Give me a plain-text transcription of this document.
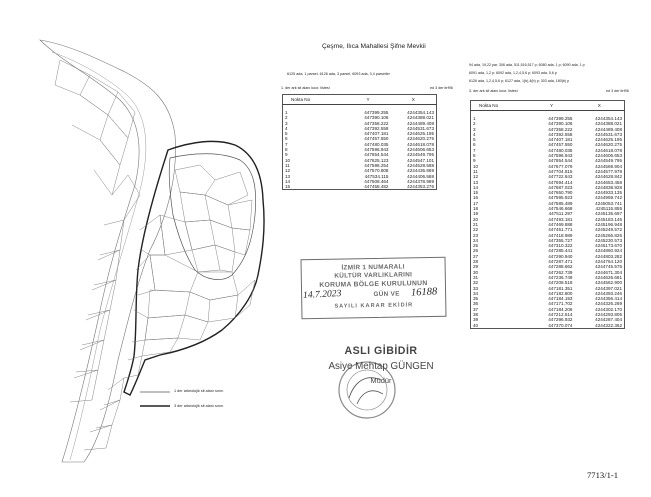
Çeşme, Ilıca Mahallesi Şifne Mevkii
6125 ada, 1 parsel, 6126 ada, 3 parsel, 6093 ada, 3,4 parseller
1. der ark sit alanı koor. listesi	ed 3 der itrf96
94 ada, 19,22 par, 306 ada, 511,516,517 p; 6080 ada, 1 p; 6090 ada, 1 p
6091 ada, 1,2 p; 6092 ada, 1,2,4,5,6 p; 6093 ada, 5,6 p
6126 ada, 1,2,4,5,6 p; 6127 ada, 1(b),4(b) p; 303 ada, 180(b) p
3. der ark sit alanı koor. listesi	ed 3 der itrf96
Nokta No	Y	X
1	447399.255	4244354.143
2	447390.106	4244388.021
3	447358.222	4244489.408
4	447392.558	4244531.673
5	447407.181	4244625.195
6	447457.550	4244620.275
7	447480.035	4244618.078
8	447596.943	4244606.653
9	447654.544	4244549.795
10	447625.123	4244547.101
11	447598.254	4244528.588
12	447570.808	4244435.869
13	447534.115	4244406.588
14	447508.464	4244378.989
15	447458.482	4244353.276
Nokta No	Y	X
1	447399.255	4244354.143
2	447390.106	4244388.021
3	447358.222	4244489.408
4	447392.558	4244531.673
5	447407.181	4244625.195
6	447457.550	4244620.275
7	447480.035	4244618.078
8	447596.943	4244606.653
9	447654.544	4244549.795
10	447677.079	4244569.904
11	447704.815	4244577.978
12	447722.843	4244628.842
13	447694.414	4244653.458
14	447687.023	4244838.928
15	447650.790	4244933.135
16	447595.923	4244959.742
17	447585.489	4245053.741
18	447546.668	4245115.855
19	447511.297	4245135.697
20	447493.181	4245183.145
21	447469.888	4245196.948
22	447451.771	4245249.572
23	447418.989	4245266.826
24	447355.727	4245230.573
25	447310.322	4245173.670
26	447285.441	4244860.924
27	447290.940	4244803.282
28	447287.471	4244764.120
29	447288.662	4244745.576
30	447262.739	4244671.304
31	447236.749	4244626.681
32	447208.518	4244562.900
33	447181.351	4244397.021
34	447182.800	4244393.246
35	447184.193	4244356.414
36	447171.702	4244326.269
37	447184.206	4244302.170
38	447212.514	4244293.805
39	447296.932	4244287.404
40	447370.074	4244322.362
1 der arkeolojik sit alanı sınırı
3 der arkeolojik sit alanı sınırı
İZMİR 1 NUMARALI
KÜLTÜR VARLIKLARINI
KORUMA BÖLGE KURULUNUN
GÜN VE
SAYILI KARAR EKİDİR
14.7.2023	16188
ASLI GİBİDİR
Asiye Mehtap GÜNGEN
Müdür
7713/1-1
